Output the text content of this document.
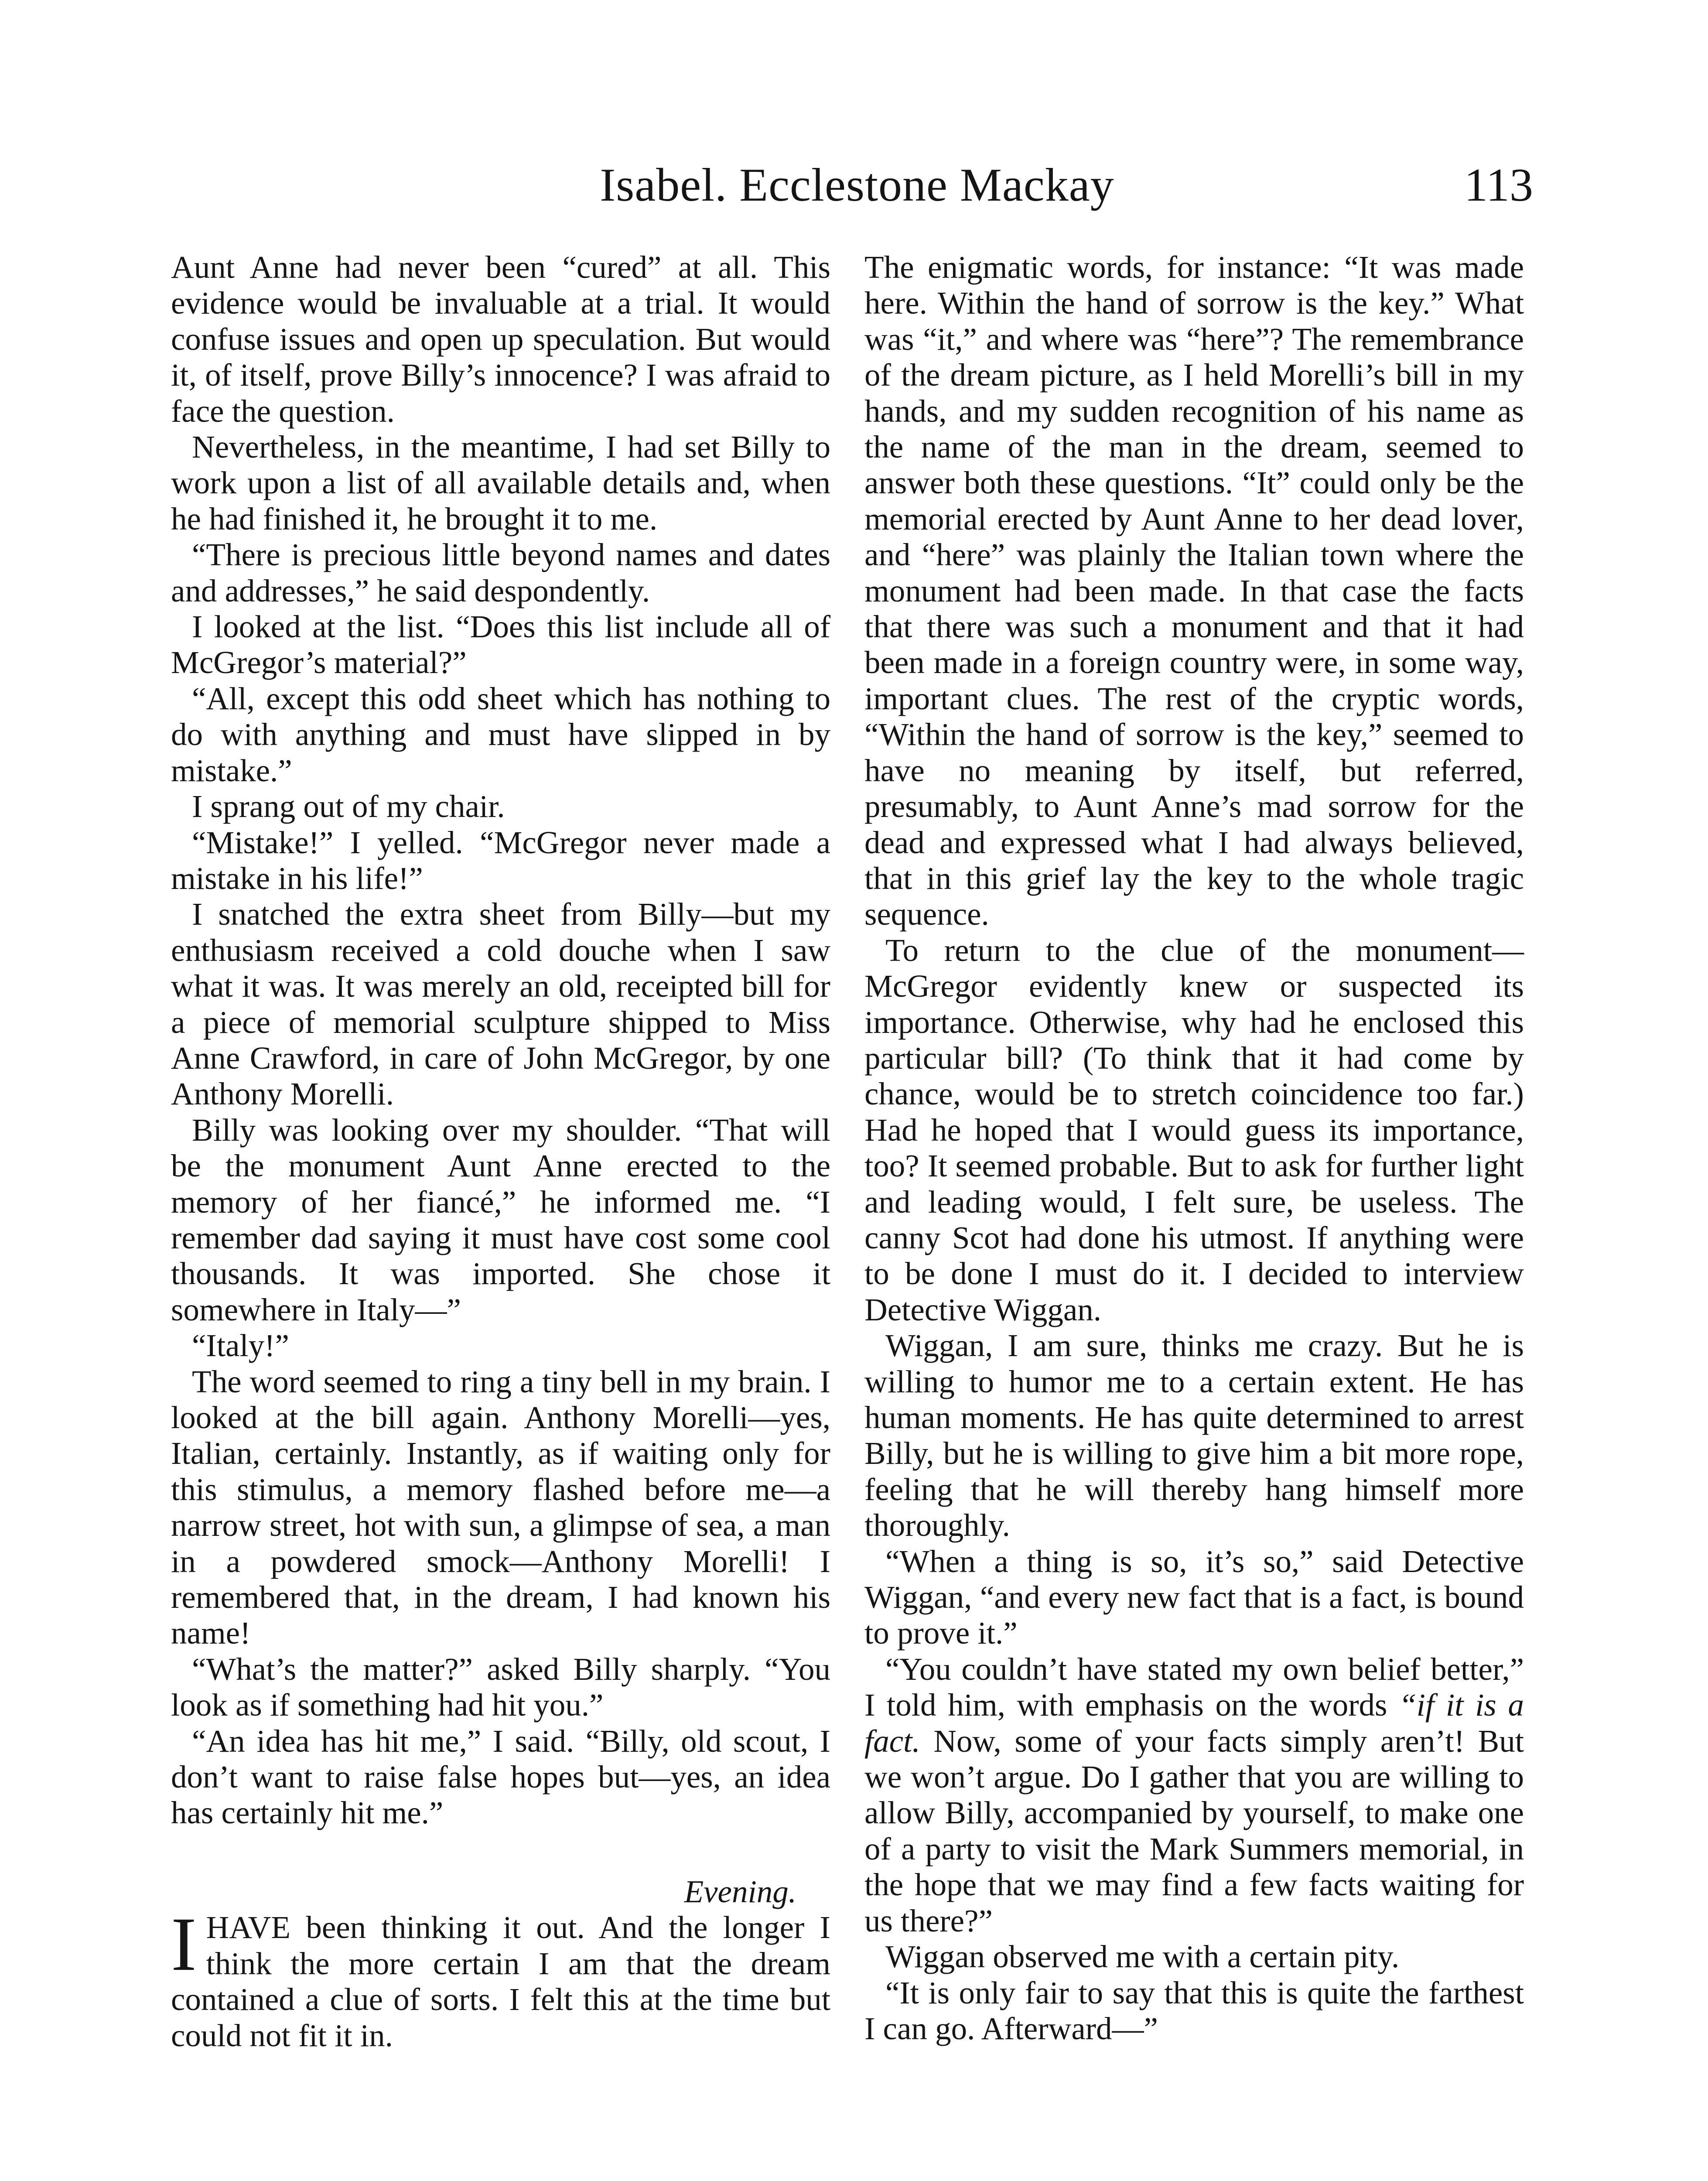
Isabel. Ecclestone Mackay	113

Aunt Anne had never been “cured” at all. This evidence would be invaluable at a trial. It would confuse issues and open up speculation. But would it, of itself, prove Billy’s innocence? I was afraid to face the question.

Nevertheless, in the meantime, I had set Billy to work upon a list of all available details and, when he had finished it, he brought it to me.

“There is precious little beyond names and dates and addresses,” he said despondently.

I looked at the list. “Does this list include all of McGregor’s material?”

“All, except this odd sheet which has nothing to do with anything and must have slipped in by mistake.”

I sprang out of my chair.

“Mistake!” I yelled. “McGregor never made a mistake in his life!”

I snatched the extra sheet from Billy—but my enthusiasm received a cold douche when I saw what it was. It was merely an old, receipted bill for a piece of memorial sculpture shipped to Miss Anne Crawford, in care of John McGregor, by one Anthony Morelli.

Billy was looking over my shoulder. “That will be the monument Aunt Anne erected to the memory of her fiancé,” he informed me. “I remember dad saying it must have cost some cool thousands. It was imported. She chose it somewhere in Italy—”

“Italy!”

The word seemed to ring a tiny bell in my brain. I looked at the bill again. Anthony Morelli—yes, Italian, certainly. Instantly, as if waiting only for this stimulus, a memory flashed before me—a narrow street, hot with sun, a glimpse of sea, a man in a powdered smock—Anthony Morelli! I remembered that, in the dream, I had known his name!

“What’s the matter?” asked Billy sharply. “You look as if something had hit you.”

“An idea has hit me,” I said. “Billy, old scout, I don’t want to raise false hopes but—yes, an idea has certainly hit me.”

Evening.

IHAVE been thinking it out. And the longer I think the more certain I am that the dream contained a clue of sorts. I felt this at the time but could not fit it in.

The enigmatic words, for instance: “It was made here. Within the hand of sorrow is the key.” What was “it,” and where was “here”? The remembrance of the dream picture, as I held Morelli’s bill in my hands, and my sudden recognition of his name as the name of the man in the dream, seemed to answer both these questions. “It” could only be the memorial erected by Aunt Anne to her dead lover, and “here” was plainly the Italian town where the monument had been made. In that case the facts that there was such a monument and that it had been made in a foreign country were, in some way, important clues. The rest of the cryptic words, “Within the hand of sorrow is the key,” seemed to have no meaning by itself, but referred, presumably, to Aunt Anne’s mad sorrow for the dead and expressed what I had always believed, that in this grief lay the key to the whole tragic sequence.

To return to the clue of the monument—McGregor evidently knew or suspected its importance. Otherwise, why had he enclosed this particular bill? (To think that it had come by chance, would be to stretch coincidence too far.) Had he hoped that I would guess its importance, too? It seemed probable. But to ask for further light and leading would, I felt sure, be useless. The canny Scot had done his utmost. If anything were to be done I must do it. I decided to interview Detective Wiggan.

Wiggan, I am sure, thinks me crazy. But he is willing to humor me to a certain extent. He has human moments. He has quite determined to arrest Billy, but he is willing to give him a bit more rope, feeling that he will thereby hang himself more thoroughly.

“When a thing is so, it’s so,” said Detective Wiggan, “and every new fact that is a fact, is bound to prove it.”

“You couldn’t have stated my own belief better,” I told him, with emphasis on the words “if it is a fact. Now, some of your facts simply aren’t! But we won’t argue. Do I gather that you are willing to allow Billy, accompanied by yourself, to make one of a party to visit the Mark Summers memorial, in the hope that we may find a few facts waiting for us there?”

Wiggan observed me with a certain pity.

“It is only fair to say that this is quite the farthest I can go. Afterward—”
